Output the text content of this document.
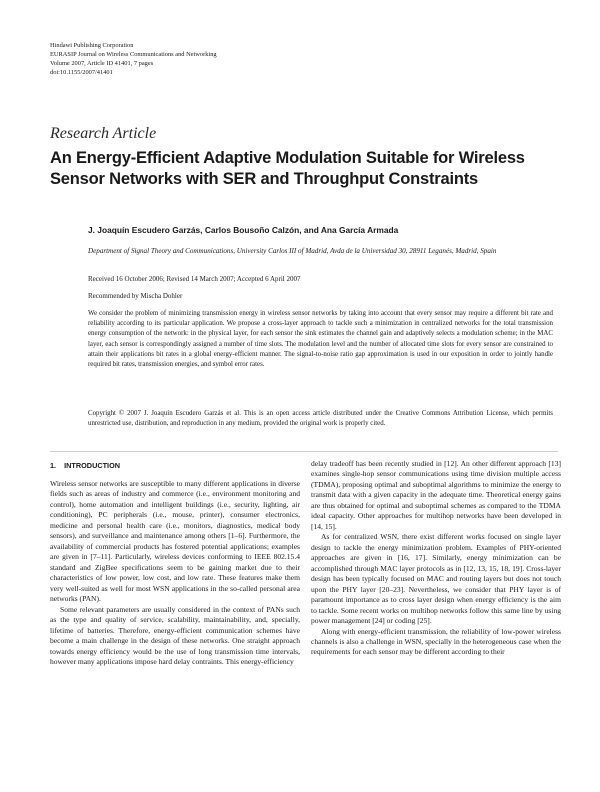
Hindawi Publishing Corporation
EURASIP Journal on Wireless Communications and Networking
Volume 2007, Article ID 41401, 7 pages
doi:10.1155/2007/41401
Research Article
An Energy-Efficient Adaptive Modulation Suitable for Wireless Sensor Networks with SER and Throughput Constraints
J. Joaquín Escudero Garzás, Carlos Bousoño Calzón, and Ana García Armada
Department of Signal Theory and Communications, University Carlos III of Madrid, Avda de la Universidad 30, 28911 Leganés, Madrid, Spain
Received 16 October 2006; Revised 14 March 2007; Accepted 6 April 2007
Recommended by Mischa Dohler
We consider the problem of minimizing transmission energy in wireless sensor networks by taking into account that every sensor may require a different bit rate and reliability according to its particular application. We propose a cross-layer approach to tackle such a minimization in centralized networks for the total transmission energy consumption of the network: in the physical layer, for each sensor the sink estimates the channel gain and adaptively selects a modulation scheme; in the MAC layer, each sensor is correspondingly assigned a number of time slots. The modulation level and the number of allocated time slots for every sensor are constrained to attain their applications bit rates in a global energy-efficient manner. The signal-to-noise ratio gap approximation is used in our exposition in order to jointly handle required bit rates, transmission energies, and symbol error rates.
Copyright © 2007 J. Joaquín Escudero Garzás et al. This is an open access article distributed under the Creative Commons Attribution License, which permits unrestricted use, distribution, and reproduction in any medium, provided the original work is properly cited.
1. INTRODUCTION

Wireless sensor networks are susceptible to many different applications in diverse fields such as areas of industry and commerce (i.e., environment monitoring and control), home automation and intelligent buildings (i.e., security, lighting, air conditioning), PC peripherals (i.e., mouse, printer), consumer electronics, medicine and personal health care (i.e., monitors, diagnostics, medical body sensors), and surveillance and maintenance among others [1–6]. Furthermore, the availability of commercial products has fostered potential applications; examples are given in [7–11]. Particularly, wireless devices conforming to IEEE 802.15.4 standard and ZigBee specifications seem to be gaining market due to their characteristics of low power, low cost, and low rate. These features make them very well-suited as well for most WSN applications in the so-called personal area networks (PAN).

Some relevant parameters are usually considered in the context of PANs such as the type and quality of service, scalability, maintainability, and, specially, lifetime of batteries. Therefore, energy-efficient communication schemes have become a main challenge in the design of these networks. One straight approach towards energy efficiency would be the use of long transmission time intervals, however many applications impose hard delay contraints. This energy-efficiency

delay tradeoff has been recently studied in [12]. An other different approach [13] examines single-hop sensor communications using time division multiple access (TDMA), proposing optimal and suboptimal algorithms to minimize the energy to transmit data with a given capacity in the adequate time. Theoretical energy gains are thus obtained for optimal and suboptimal schemes as compared to the TDMA ideal capacity. Other approaches for multihop networks have been developed in [14, 15].

As for centralized WSN, there exist different works focused on single layer design to tackle the energy minimization problem. Examples of PHY-oriented approaches are given in [16, 17]. Similarly, energy minimization can be accomplished through MAC layer protocols as in [12, 13, 15, 18, 19]. Cross-layer design has been typically focused on MAC and routing layers but does not touch upon the PHY layer [20–23]. Nevertheless, we consider that PHY layer is of paramount importance as to cross layer design when energy efficiency is the aim to tackle. Some recent works on multihop networks follow this same line by using power management [24] or coding [25].

Along with energy-efficient transmission, the reliability of low-power wireless channels is also a challenge in WSN, specially in the heterogeneous case when the requirements for each sensor may be different according to their
